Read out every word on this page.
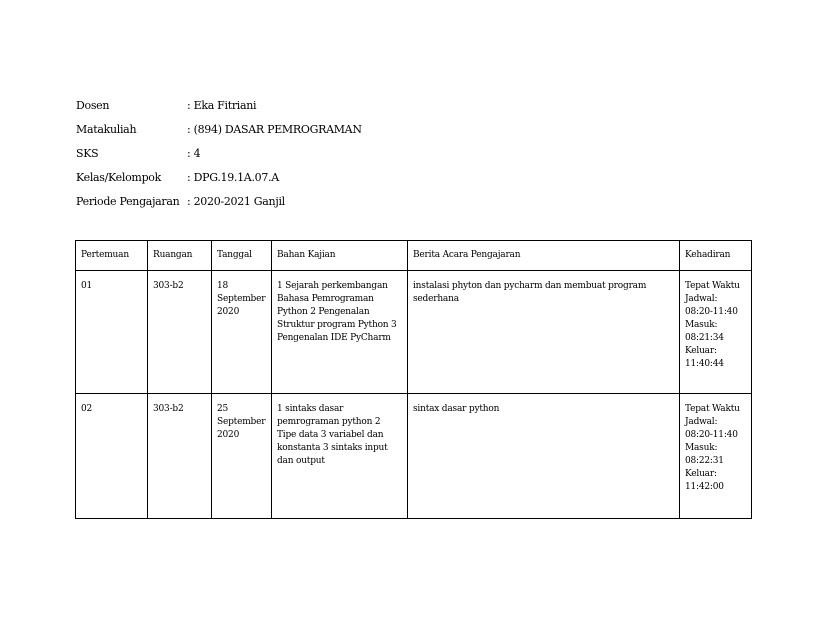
Dosen	: Eka Fitriani
Matakuliah	: (894) DASAR PEMROGRAMAN
SKS	: 4
Kelas/Kelompok : DPG.19.1A.07.A
Periode Pengajaran : 2020-2021 Ganjil
Pertemuan	Ruangan	Tanggal	Bahan Kajian	Berita Acara Pengajaran	Kehadiran
01	303-b2	18 September 2020	1 Sejarah perkembangan Bahasa Pemrograman Python 2 Pengenalan Struktur program Python 3 Pengenalan IDE PyCharm	instalasi phyton dan pycharm dan membuat program sederhana	Tepat Waktu
Jadwal: 08:20-11:40
Masuk: 08:21:34
Keluar: 11:40:44

02	303-b2	25 September 2020	1 sintaks dasar pemrograman python 2 Tipe data 3 variabel dan konstanta 3 sintaks input dan output	sintax dasar python	Tepat Waktu
Jadwal: 08:20-11:40
Masuk: 08:22:31
Keluar: 11:42:00
